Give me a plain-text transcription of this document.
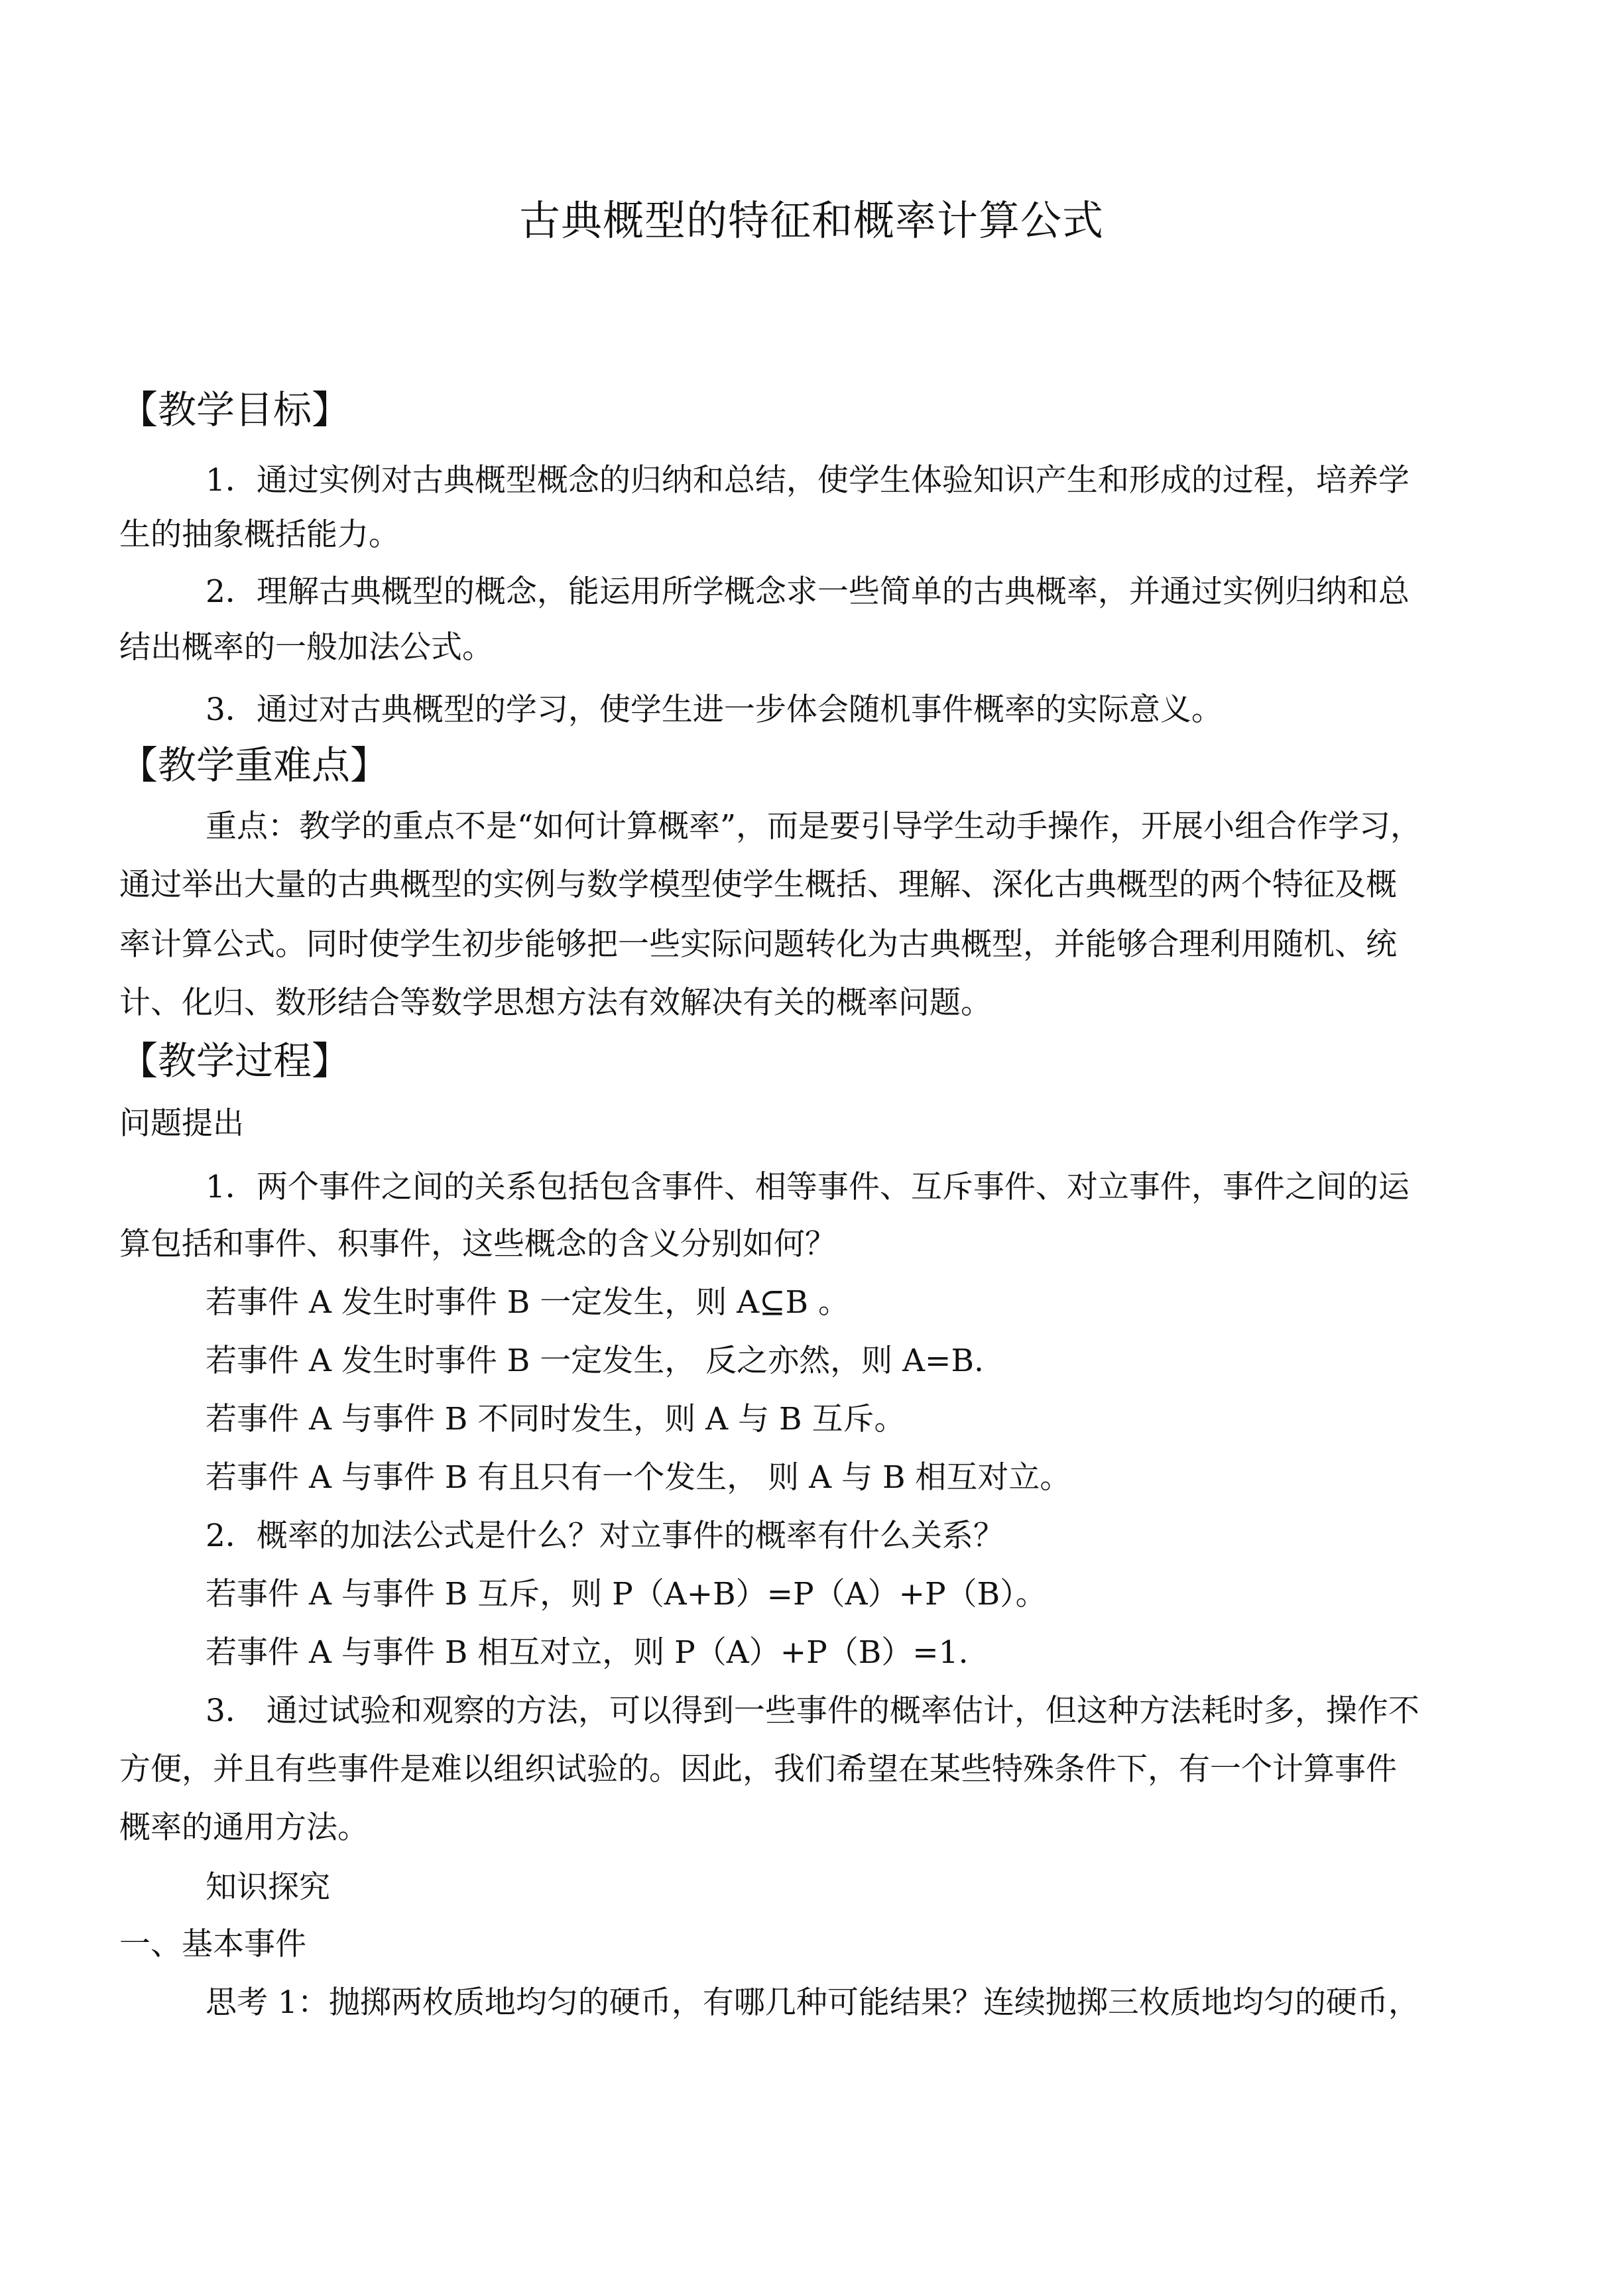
古典概型的特征和概率计算公式
【教学目标】
1．通过实例对古典概型概念的归纳和总结，使学生体验知识产生和形成的过程，培养学
生的抽象概括能力。
2．理解古典概型的概念，能运用所学概念求一些简单的古典概率，并通过实例归纳和总
结出概率的一般加法公式。
3．通过对古典概型的学习，使学生进一步体会随机事件概率的实际意义。
【教学重难点】
重点：教学的重点不是“如何计算概率”，而是要引导学生动手操作，开展小组合作学习，
通过举出大量的古典概型的实例与数学模型使学生概括、理解、深化古典概型的两个特征及概
率计算公式。同时使学生初步能够把一些实际问题转化为古典概型，并能够合理利用随机、统
计、化归、数形结合等数学思想方法有效解决有关的概率问题。
【教学过程】
问题提出
1．两个事件之间的关系包括包含事件、相等事件、互斥事件、对立事件，事件之间的运
算包括和事件、积事件，这些概念的含义分别如何？
若事件 A 发生时事件 B 一定发生，则 A⊆B 。
若事件 A 发生时事件 B 一定发生， 反之亦然，则 A=B.
若事件 A 与事件 B 不同时发生，则 A 与 B 互斥。
若事件 A 与事件 B 有且只有一个发生， 则 A 与 B 相互对立。
2．概率的加法公式是什么？对立事件的概率有什么关系？
若事件 A 与事件 B 互斥，则 P（A+B）=P（A）+P（B）。
若事件 A 与事件 B 相互对立，则 P（A）+P（B）=1.
3． 通过试验和观察的方法，可以得到一些事件的概率估计，但这种方法耗时多，操作不
方便，并且有些事件是难以组织试验的。因此，我们希望在某些特殊条件下，有一个计算事件
概率的通用方法。
知识探究
一、基本事件
思考 1：抛掷两枚质地均匀的硬币，有哪几种可能结果？连续抛掷三枚质地均匀的硬币，
